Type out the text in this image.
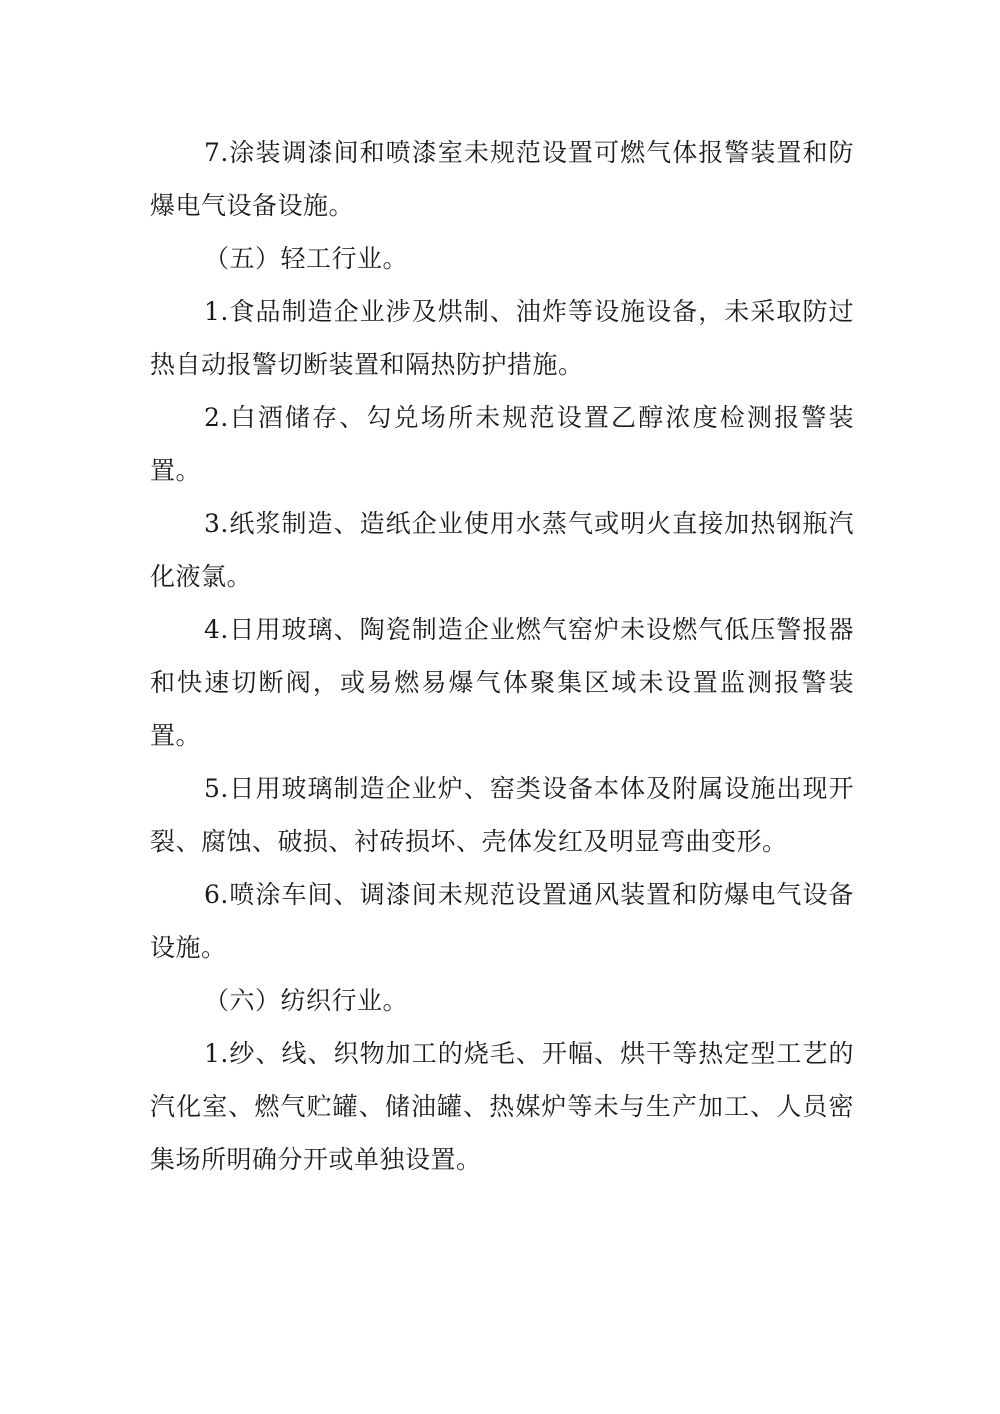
7.涂装调漆间和喷漆室未规范设置可燃气体报警装置和防爆电气设备设施。

（五）轻工行业。

1.食品制造企业涉及烘制、油炸等设施设备，未采取防过热自动报警切断装置和隔热防护措施。

2.白酒储存、勾兑场所未规范设置乙醇浓度检测报警装置。

3.纸浆制造、造纸企业使用水蒸气或明火直接加热钢瓶汽化液氯。

4.日用玻璃、陶瓷制造企业燃气窑炉未设燃气低压警报器和快速切断阀，或易燃易爆气体聚集区域未设置监测报警装置。

5.日用玻璃制造企业炉、窑类设备本体及附属设施出现开裂、腐蚀、破损、衬砖损坏、壳体发红及明显弯曲变形。

6.喷涂车间、调漆间未规范设置通风装置和防爆电气设备设施。

（六）纺织行业。

1.纱、线、织物加工的烧毛、开幅、烘干等热定型工艺的汽化室、燃气贮罐、储油罐、热媒炉等未与生产加工、人员密集场所明确分开或单独设置。
